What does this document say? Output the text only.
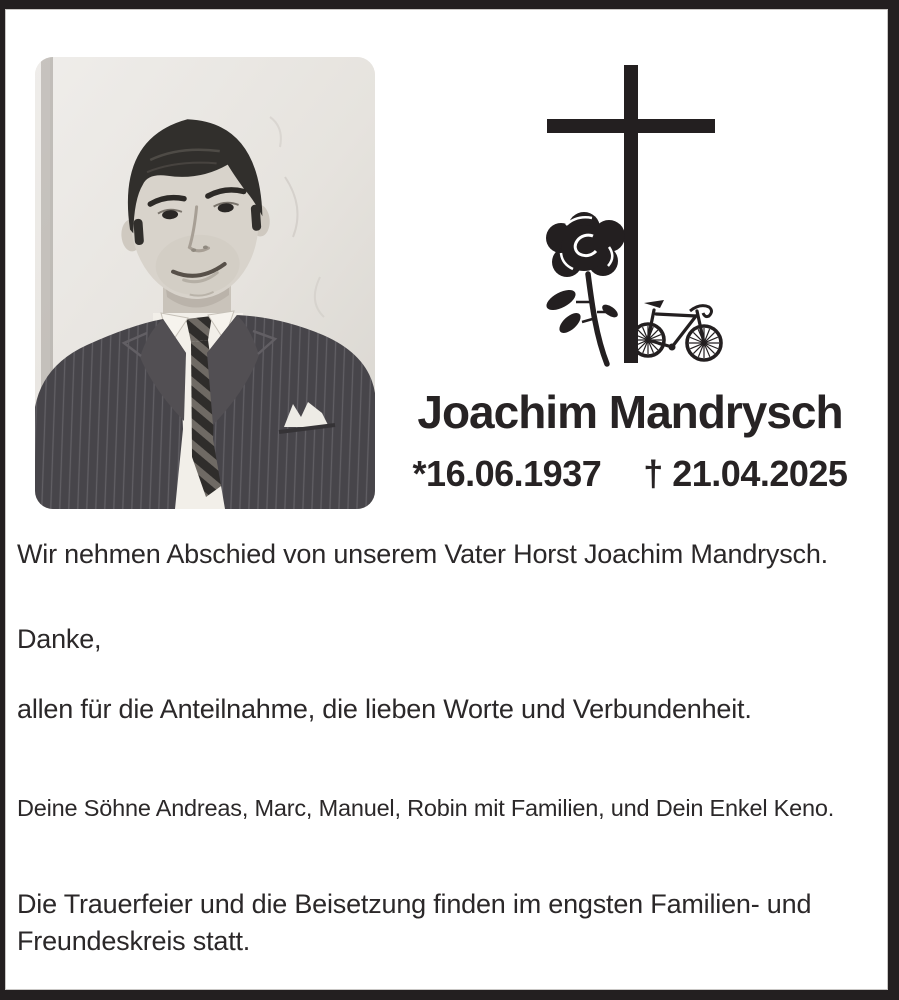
Joachim Mandrysch
*16.06.1937 † 21.04.2025
Wir nehmen Abschied von unserem Vater Horst Joachim Mandrysch.
Danke,
allen für die Anteilnahme, die lieben Worte und Verbundenheit.
Deine Söhne Andreas, Marc, Manuel, Robin mit Familien, und Dein Enkel Keno.
Die Trauerfeier und die Beisetzung finden im engsten Familien- und Freundeskreis statt.
